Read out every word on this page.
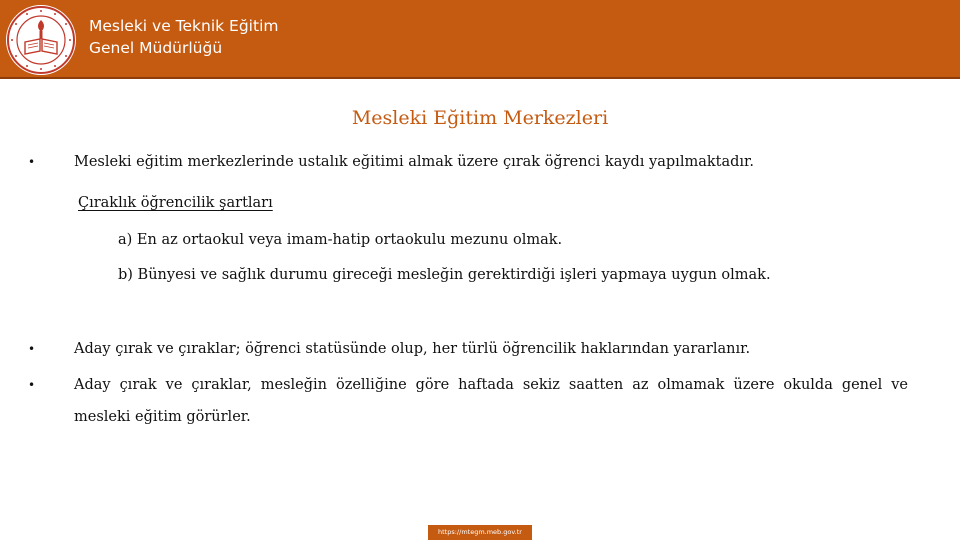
Mesleki ve Teknik Eğitim
Genel Müdürlüğü
Mesleki Eğitim Merkezleri
•	Mesleki eğitim merkezlerinde ustalık eğitimi almak üzere çırak öğrenci kaydı yapılmaktadır.
Çıraklık öğrencilik şartları
a) En az ortaokul veya imam-hatip ortaokulu mezunu olmak.
b) Bünyesi ve sağlık durumu gireceği mesleğin gerektirdiği işleri yapmaya uygun olmak.
•	Aday çırak ve çıraklar; öğrenci statüsünde olup, her türlü öğrencilik haklarından yararlanır.
•	Aday çırak ve çıraklar, mesleğin özelliğine göre haftada sekiz saatten az olmamak üzere okulda genel ve
mesleki eğitim görürler.
https://mtegm.meb.gov.tr
